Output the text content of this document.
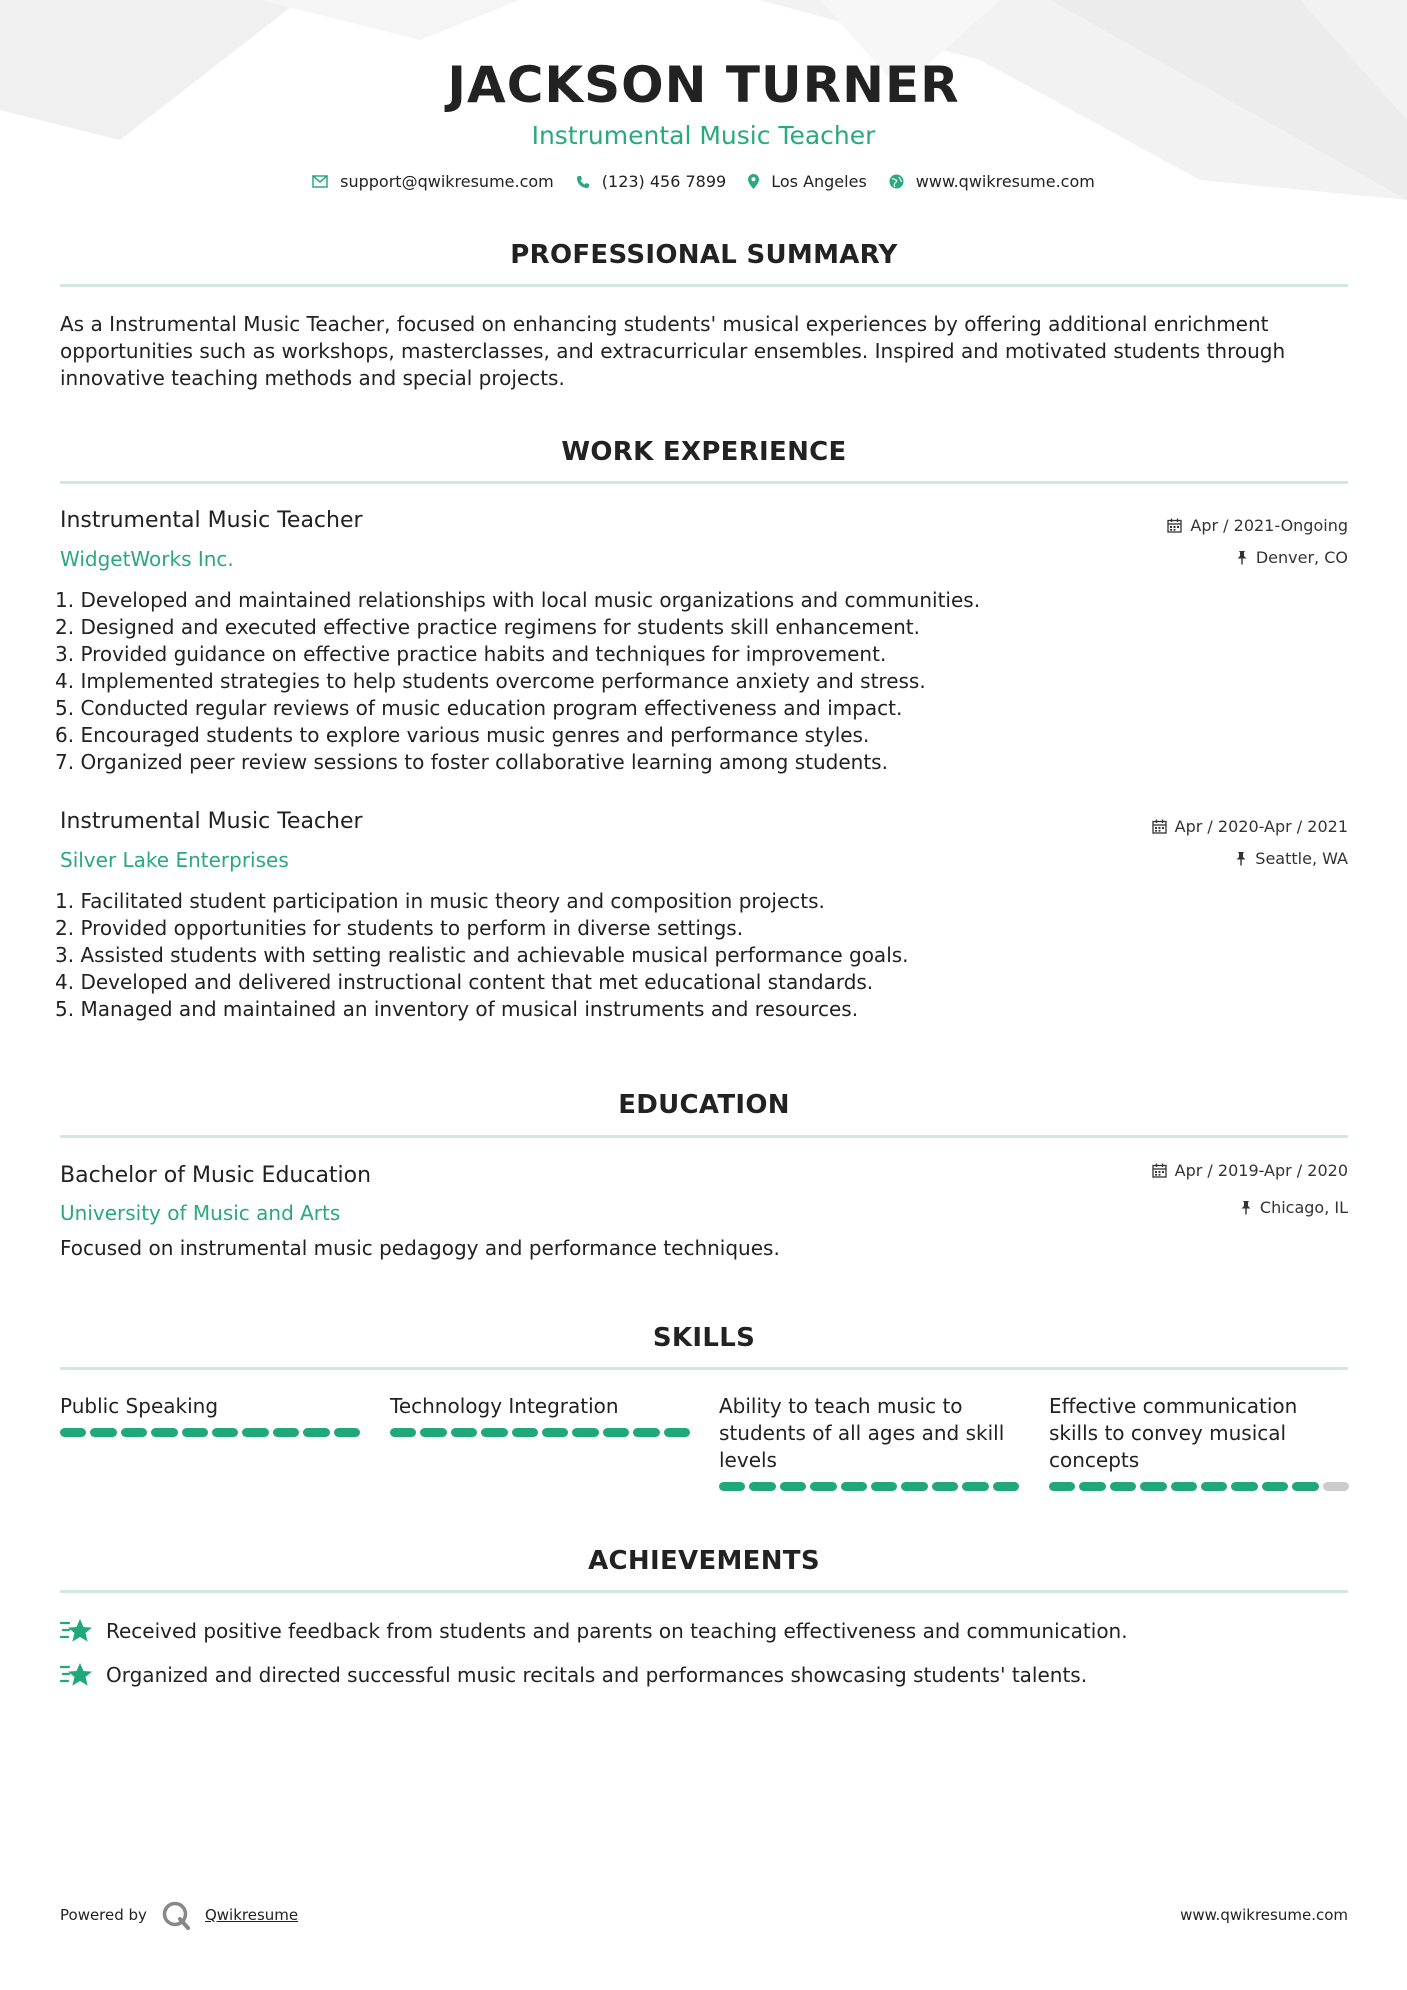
JACKSON TURNER
Instrumental Music Teacher
support@qwikresume.com	(123) 456 7899	Los Angeles	www.qwikresume.com
PROFESSIONAL SUMMARY
As a Instrumental Music Teacher, focused on enhancing students' musical experiences by offering additional enrichment opportunities such as workshops, masterclasses, and extracurricular ensembles. Inspired and motivated students through innovative teaching methods and special projects.
WORK EXPERIENCE
Instrumental Music Teacher
WidgetWorks Inc.
Apr / 2021-Ongoing
Denver, CO
1. Developed and maintained relationships with local music organizations and communities.
2. Designed and executed effective practice regimens for students skill enhancement.
3. Provided guidance on effective practice habits and techniques for improvement.
4. Implemented strategies to help students overcome performance anxiety and stress.
5. Conducted regular reviews of music education program effectiveness and impact.
6. Encouraged students to explore various music genres and performance styles.
7. Organized peer review sessions to foster collaborative learning among students.
Instrumental Music Teacher
Silver Lake Enterprises
Apr / 2020-Apr / 2021
Seattle, WA
1. Facilitated student participation in music theory and composition projects.
2. Provided opportunities for students to perform in diverse settings.
3. Assisted students with setting realistic and achievable musical performance goals.
4. Developed and delivered instructional content that met educational standards.
5. Managed and maintained an inventory of musical instruments and resources.
EDUCATION
Bachelor of Music Education
University of Music and Arts
Apr / 2019-Apr / 2020
Chicago, IL
Focused on instrumental music pedagogy and performance techniques.
SKILLS
Public Speaking	Technology Integration	Ability to teach music to students of all ages and skill levels
Effective communication skills to convey musical concepts
ACHIEVEMENTS
Received positive feedback from students and parents on teaching effectiveness and communication.
Organized and directed successful music recitals and performances showcasing students' talents.
Powered by	Qwikresume	www.qwikresume.com
